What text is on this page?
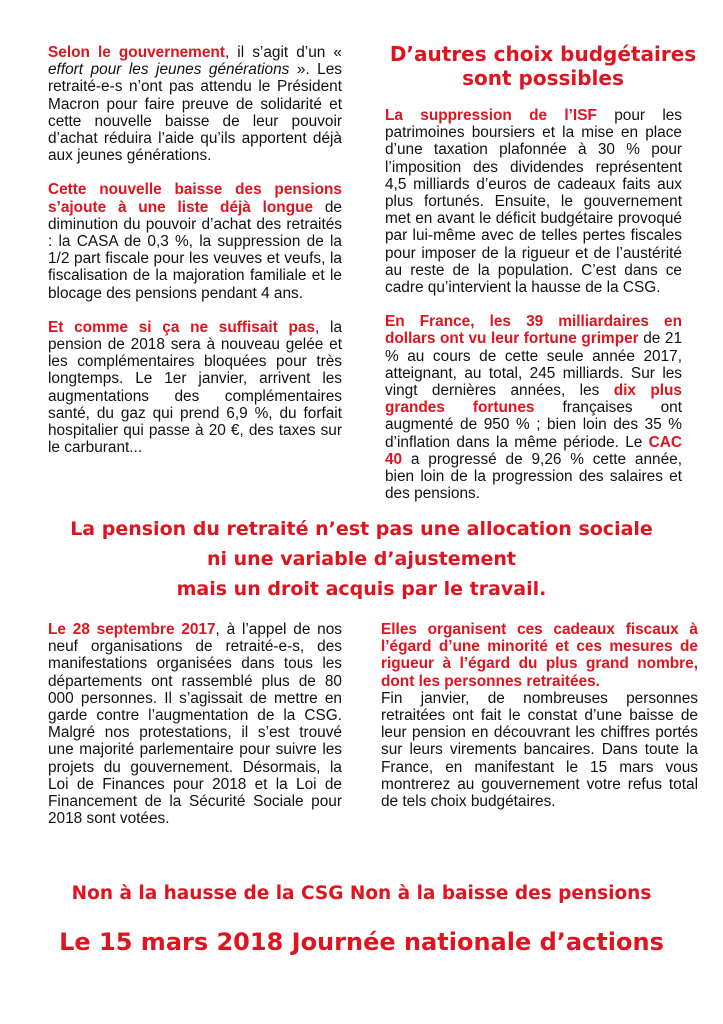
Selon le gouvernement, il s’agit d’un « effort pour les jeunes générations ». Les retraité-e-s n’ont pas attendu le Président Macron pour faire preuve de solidarité et cette nouvelle baisse de leur pouvoir d’achat réduira l’aide qu’ils apportent déjà aux jeunes générations.

Cette nouvelle baisse des pensions s’ajoute à une liste déjà longue de diminution du pouvoir d’achat des retraités : la CASA de 0,3 %, la suppression de la 1/2 part fiscale pour les veuves et veufs, la fiscalisation de la majoration familiale et le blocage des pensions pendant 4 ans.

Et comme si ça ne suffisait pas, la pension de 2018 sera à nouveau gelée et les complémentaires bloquées pour très longtemps. Le 1er janvier, arrivent les augmentations des complémentaires santé, du gaz qui prend 6,9 %, du forfait hospitalier qui passe à 20 €, des taxes sur le carburant...

D’autres choix budgétaires
sont possibles

La suppression de l’ISF pour les patrimoines boursiers et la mise en place d’une taxation plafonnée à 30 % pour l’imposition des dividendes représentent 4,5 milliards d’euros de cadeaux faits aux plus fortunés. Ensuite, le gouvernement met en avant le déficit budgétaire provoqué par lui-même avec de telles pertes fiscales pour imposer de la rigueur et de l’austérité au reste de la population. C’est dans ce cadre qu’intervient la hausse de la CSG.

En France, les 39 milliardaires en dollars ont vu leur fortune grimper de 21 % au cours de cette seule année 2017, atteignant, au total, 245 milliards. Sur les vingt dernières années, les dix plus grandes fortunes françaises ont augmenté de 950 % ; bien loin des 35 % d’inflation dans la même période. Le CAC 40 a progressé de 9,26 % cette année, bien loin de la progression des salaires et des pensions.

La pension du retraité n’est pas une allocation sociale
ni une variable d’ajustement
mais un droit acquis par le travail.

Le 28 septembre 2017, à l’appel de nos neuf organisations de retraité-e-s, des manifestations organisées dans tous les départements ont rassemblé plus de 80 000 personnes. Il s’agissait de mettre en garde contre l’augmentation de la CSG. Malgré nos protestations, il s’est trouvé une majorité parlementaire pour suivre les projets du gouvernement. Désormais, la Loi de Finances pour 2018 et la Loi de Financement de la Sécurité Sociale pour 2018 sont votées.

Elles organisent ces cadeaux fiscaux à l’égard d’une minorité et ces mesures de rigueur à l’égard du plus grand nombre, dont les personnes retraitées.
Fin janvier, de nombreuses personnes retraitées ont fait le constat d’une baisse de leur pension en découvrant les chiffres portés sur leurs virements bancaires. Dans toute la France, en manifestant le 15 mars vous montrerez au gouvernement votre refus total de tels choix budgétaires.

Non à la hausse de la CSG Non à la baisse des pensions
Le 15 mars 2018 Journée nationale d’actions
